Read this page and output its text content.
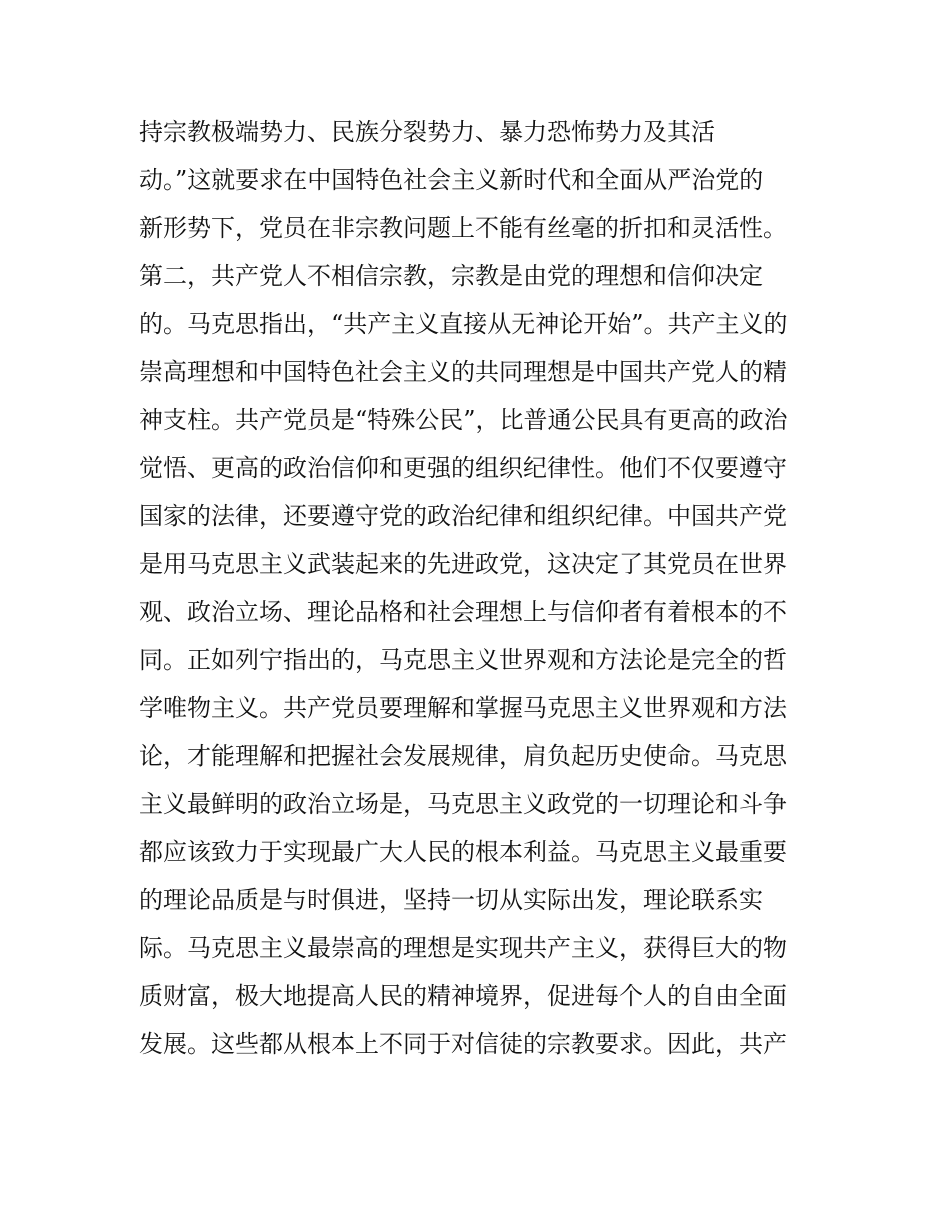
持宗教极端势力、民族分裂势力、暴力恐怖势力及其活
动。”这就要求在中国特色社会主义新时代和全面从严治党的
新形势下，党员在非宗教问题上不能有丝毫的折扣和灵活性。
第二，共产党人不相信宗教，宗教是由党的理想和信仰决定
的。马克思指出，“共产主义直接从无神论开始”。共产主义的
崇高理想和中国特色社会主义的共同理想是中国共产党人的精
神支柱。共产党员是“特殊公民”，比普通公民具有更高的政治
觉悟、更高的政治信仰和更强的组织纪律性。他们不仅要遵守
国家的法律，还要遵守党的政治纪律和组织纪律。中国共产党
是用马克思主义武装起来的先进政党，这决定了其党员在世界
观、政治立场、理论品格和社会理想上与信仰者有着根本的不
同。正如列宁指出的，马克思主义世界观和方法论是完全的哲
学唯物主义。共产党员要理解和掌握马克思主义世界观和方法
论，才能理解和把握社会发展规律，肩负起历史使命。马克思
主义最鲜明的政治立场是，马克思主义政党的一切理论和斗争
都应该致力于实现最广大人民的根本利益。马克思主义最重要
的理论品质是与时俱进，坚持一切从实际出发，理论联系实
际。马克思主义最崇高的理想是实现共产主义，获得巨大的物
质财富，极大地提高人民的精神境界，促进每个人的自由全面
发展。这些都从根本上不同于对信徒的宗教要求。因此，共产
